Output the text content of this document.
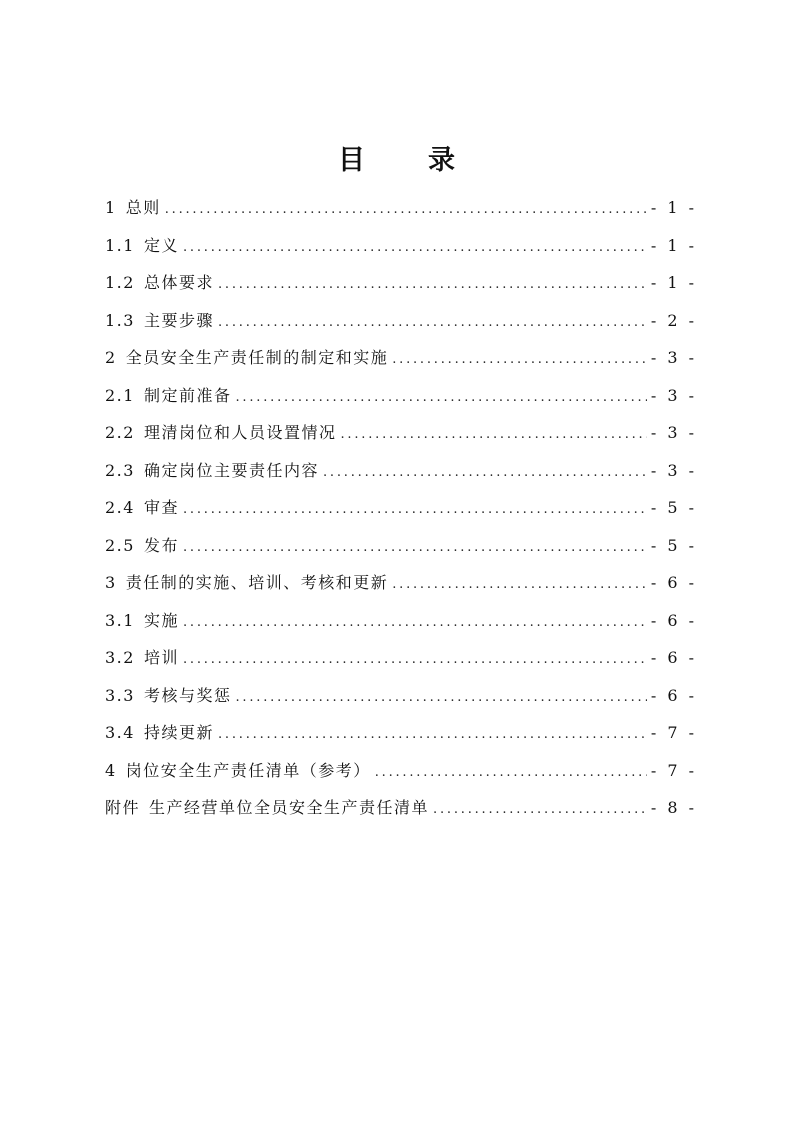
目 录
1 总则 .....	- 1 -
1.1 定义 .....	- 1 -
1.2 总体要求 .....	- 1 -
1.3 主要步骤 .....	- 2 -
2 全员安全生产责任制的制定和实施 .....	- 3 -
2.1 制定前准备 .....	- 3 -
2.2 理清岗位和人员设置情况 .....	- 3 -
2.3 确定岗位主要责任内容 .....	- 3 -
2.4 审查 .....	- 5 -
2.5 发布 .....	- 5 -
3 责任制的实施、培训、考核和更新 .....	- 6 -
3.1 实施 .....	- 6 -
3.2 培训 .....	- 6 -
3.3 考核与奖惩 .....	- 6 -
3.4 持续更新 .....	- 7 -
4 岗位安全生产责任清单（参考） .....	- 7 -
附件 生产经营单位全员安全生产责任清单 .....	- 8 -
